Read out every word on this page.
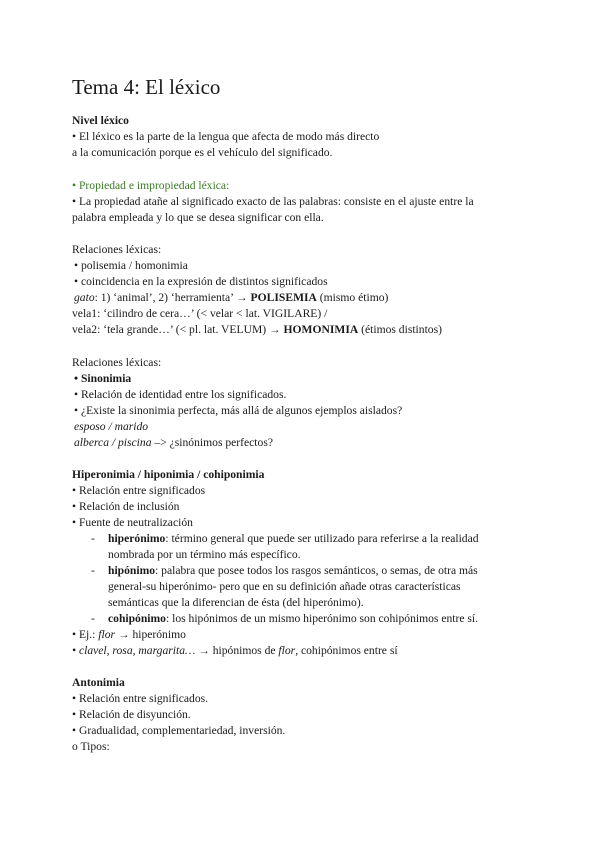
Tema 4: El léxico
Nivel léxico
• El léxico es la parte de la lengua que afecta de modo más directo
a la comunicación porque es el vehículo del significado.
• Propiedad e impropiedad léxica:
• La propiedad atañe al significado exacto de las palabras: consiste en el ajuste entre la
palabra empleada y lo que se desea significar con ella.
Relaciones léxicas:
• polisemia / homonimia
• coincidencia en la expresión de distintos significados
gato: 1) ‘animal’, 2) ‘herramienta’ → POLISEMIA (mismo étimo)
vela1: ‘cilindro de cera…’ (< velar < lat. VIGILARE) /
vela2: ‘tela grande…’ (< pl. lat. VELUM) → HOMONIMIA (étimos distintos)
Relaciones léxicas:
• Sinonimia
• Relación de identidad entre los significados.
• ¿Existe la sinonimia perfecta, más allá de algunos ejemplos aislados?
esposo / marido
alberca / piscina –> ¿sinónimos perfectos?
Hiperonimia / hiponimia / cohiponimia
• Relación entre significados
• Relación de inclusión
• Fuente de neutralización
- hiperónimo: término general que puede ser utilizado para referirse a la realidad
nombrada por un término más específico.
- hipónimo: palabra que posee todos los rasgos semánticos, o semas, de otra más
general-su hiperónimo- pero que en su definición añade otras características
semánticas que la diferencian de ésta (del hiperónimo).
- cohipónimo: los hipónimos de un mismo hiperónimo son cohipónimos entre sí.
• Ej.: flor → hiperónimo
• clavel, rosa, margarita… → hipónimos de flor, cohipónimos entre sí
Antonimia
• Relación entre significados.
• Relación de disyunción.
• Gradualidad, complementariedad, inversión.
o Tipos:
